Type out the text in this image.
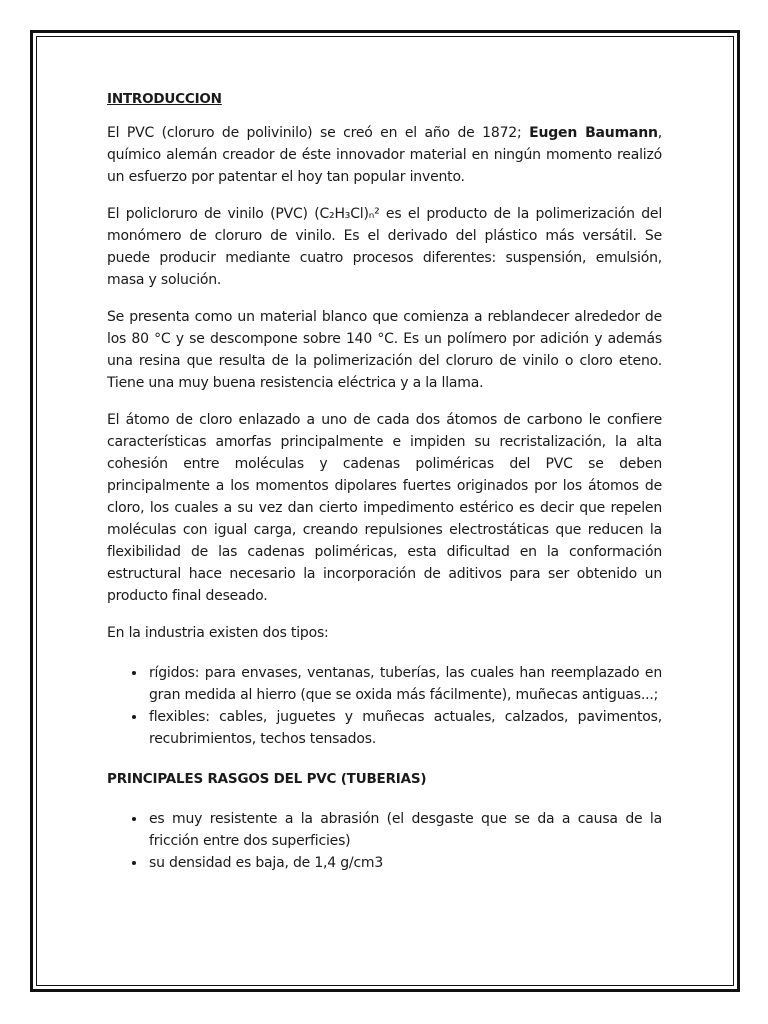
INTRODUCCION

El PVC (cloruro de polivinilo) se creó en el año de 1872; Eugen Baumann, químico alemán creador de éste innovador material en ningún momento realizó un esfuerzo por patentar el hoy tan popular invento.

El policloruro de vinilo (PVC) (C₂H₃Cl)ₙ² es el producto de la polimerización del monómero de cloruro de vinilo. Es el derivado del plástico más versátil. Se puede producir mediante cuatro procesos diferentes: suspensión, emulsión, masa y solución.

Se presenta como un material blanco que comienza a reblandecer alrededor de los 80 °C y se descompone sobre 140 °C. Es un polímero por adición y además una resina que resulta de la polimerización del cloruro de vinilo o cloro eteno. Tiene una muy buena resistencia eléctrica y a la llama.

El átomo de cloro enlazado a uno de cada dos átomos de carbono le confiere características amorfas principalmente e impiden su recristalización, la alta cohesión entre moléculas y cadenas poliméricas del PVC se deben principalmente a los momentos dipolares fuertes originados por los átomos de cloro, los cuales a su vez dan cierto impedimento estérico es decir que repelen moléculas con igual carga, creando repulsiones electrostáticas que reducen la flexibilidad de las cadenas poliméricas, esta dificultad en la conformación estructural hace necesario la incorporación de aditivos para ser obtenido un producto final deseado.

En la industria existen dos tipos:

• rígidos: para envases, ventanas, tuberías, las cuales han reemplazado en gran medida al hierro (que se oxida más fácilmente), muñecas antiguas...;
• flexibles: cables, juguetes y muñecas actuales, calzados, pavimentos, recubrimientos, techos tensados.
PRINCIPALES RASGOS DEL PVC (TUBERIAS)
• es muy resistente a la abrasión (el desgaste que se da a causa de la fricción entre dos superficies)
• su densidad es baja, de 1,4 g/cm3
